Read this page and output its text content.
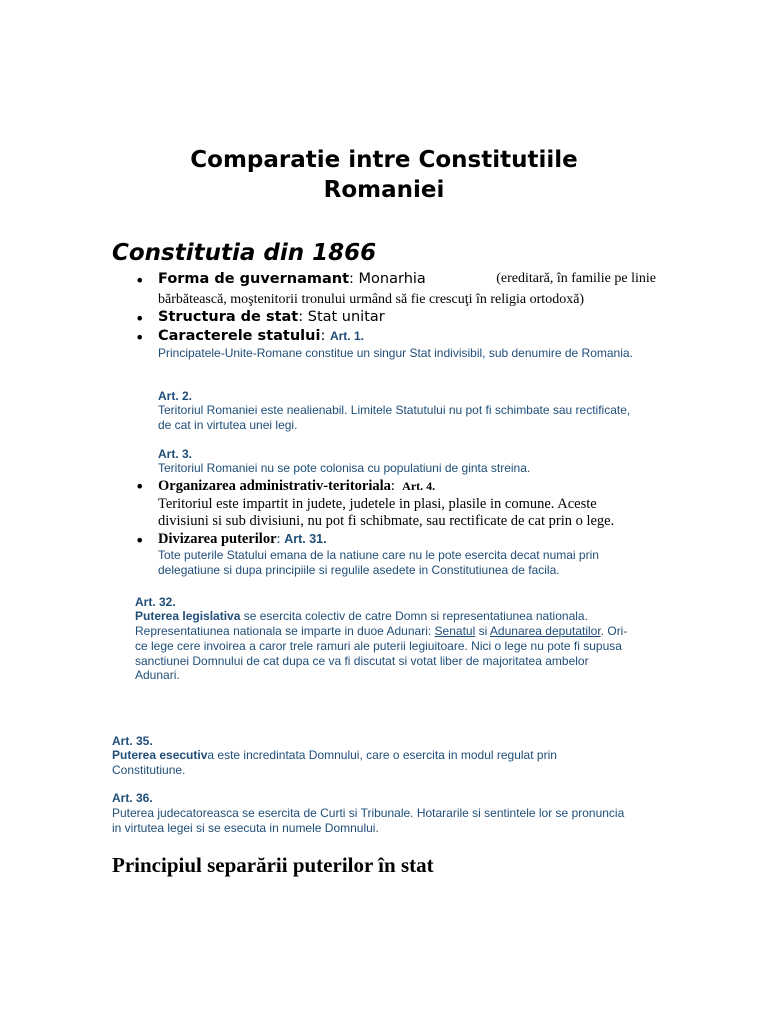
Comparatie intre Constitutiile
Romaniei
Constitutia din 1866
• Forma de guvernamant: Monarhia	(ereditară, în familie pe linie
bărbătească, moştenitorii tronului urmând să fie crescuţi în religia ortodoxă)
• Structura de stat: Stat unitar
• Caracterele statului: Art. 1.
Principatele-Unite-Romane constitue un singur Stat indivisibil, sub denumire de Romania.
Art. 2.
Teritoriul Romaniei este nealienabil. Limitele Statutului nu pot fi schimbate sau rectificate,
de cat in virtutea unei legi.
Art. 3.
Teritoriul Romaniei nu se pote colonisa cu populatiuni de ginta streina.
• Organizarea administrativ-teritoriala:  Art. 4.
Teritoriul este impartit in judete, judetele in plasi, plasile in comune. Aceste
divisiuni si sub divisiuni, nu pot fi schibmate, sau rectificate de cat prin o lege.
• Divizarea puterilor: Art. 31.
Tote puterile Statului emana de la natiune care nu le pote esercita decat numai prin
delegatiune si dupa principiile si regulile asedete in Constitutiunea de facila.
Art. 32.
Puterea legislativa se esercita colectiv de catre Domn si representatiunea nationala.
Representatiunea nationala se imparte in duoe Adunari: Senatul si Adunarea deputatilor. Ori-
ce lege cere invoirea a caror trele ramuri ale puterii legiuitoare. Nici o lege nu pote fi supusa
sanctiunei Domnului de cat dupa ce va fi discutat si votat liber de majoritatea ambelor
Adunari.
Art. 35.
Puterea esecutiva este incredintata Domnului, care o esercita in modul regulat prin
Constitutiune.
Art. 36.
Puterea judecatoreasca se esercita de Curti si Tribunale. Hotararile si sentintele lor se pronuncia
in virtutea legei si se esecuta in numele Domnului.
Principiul separării puterilor în stat
